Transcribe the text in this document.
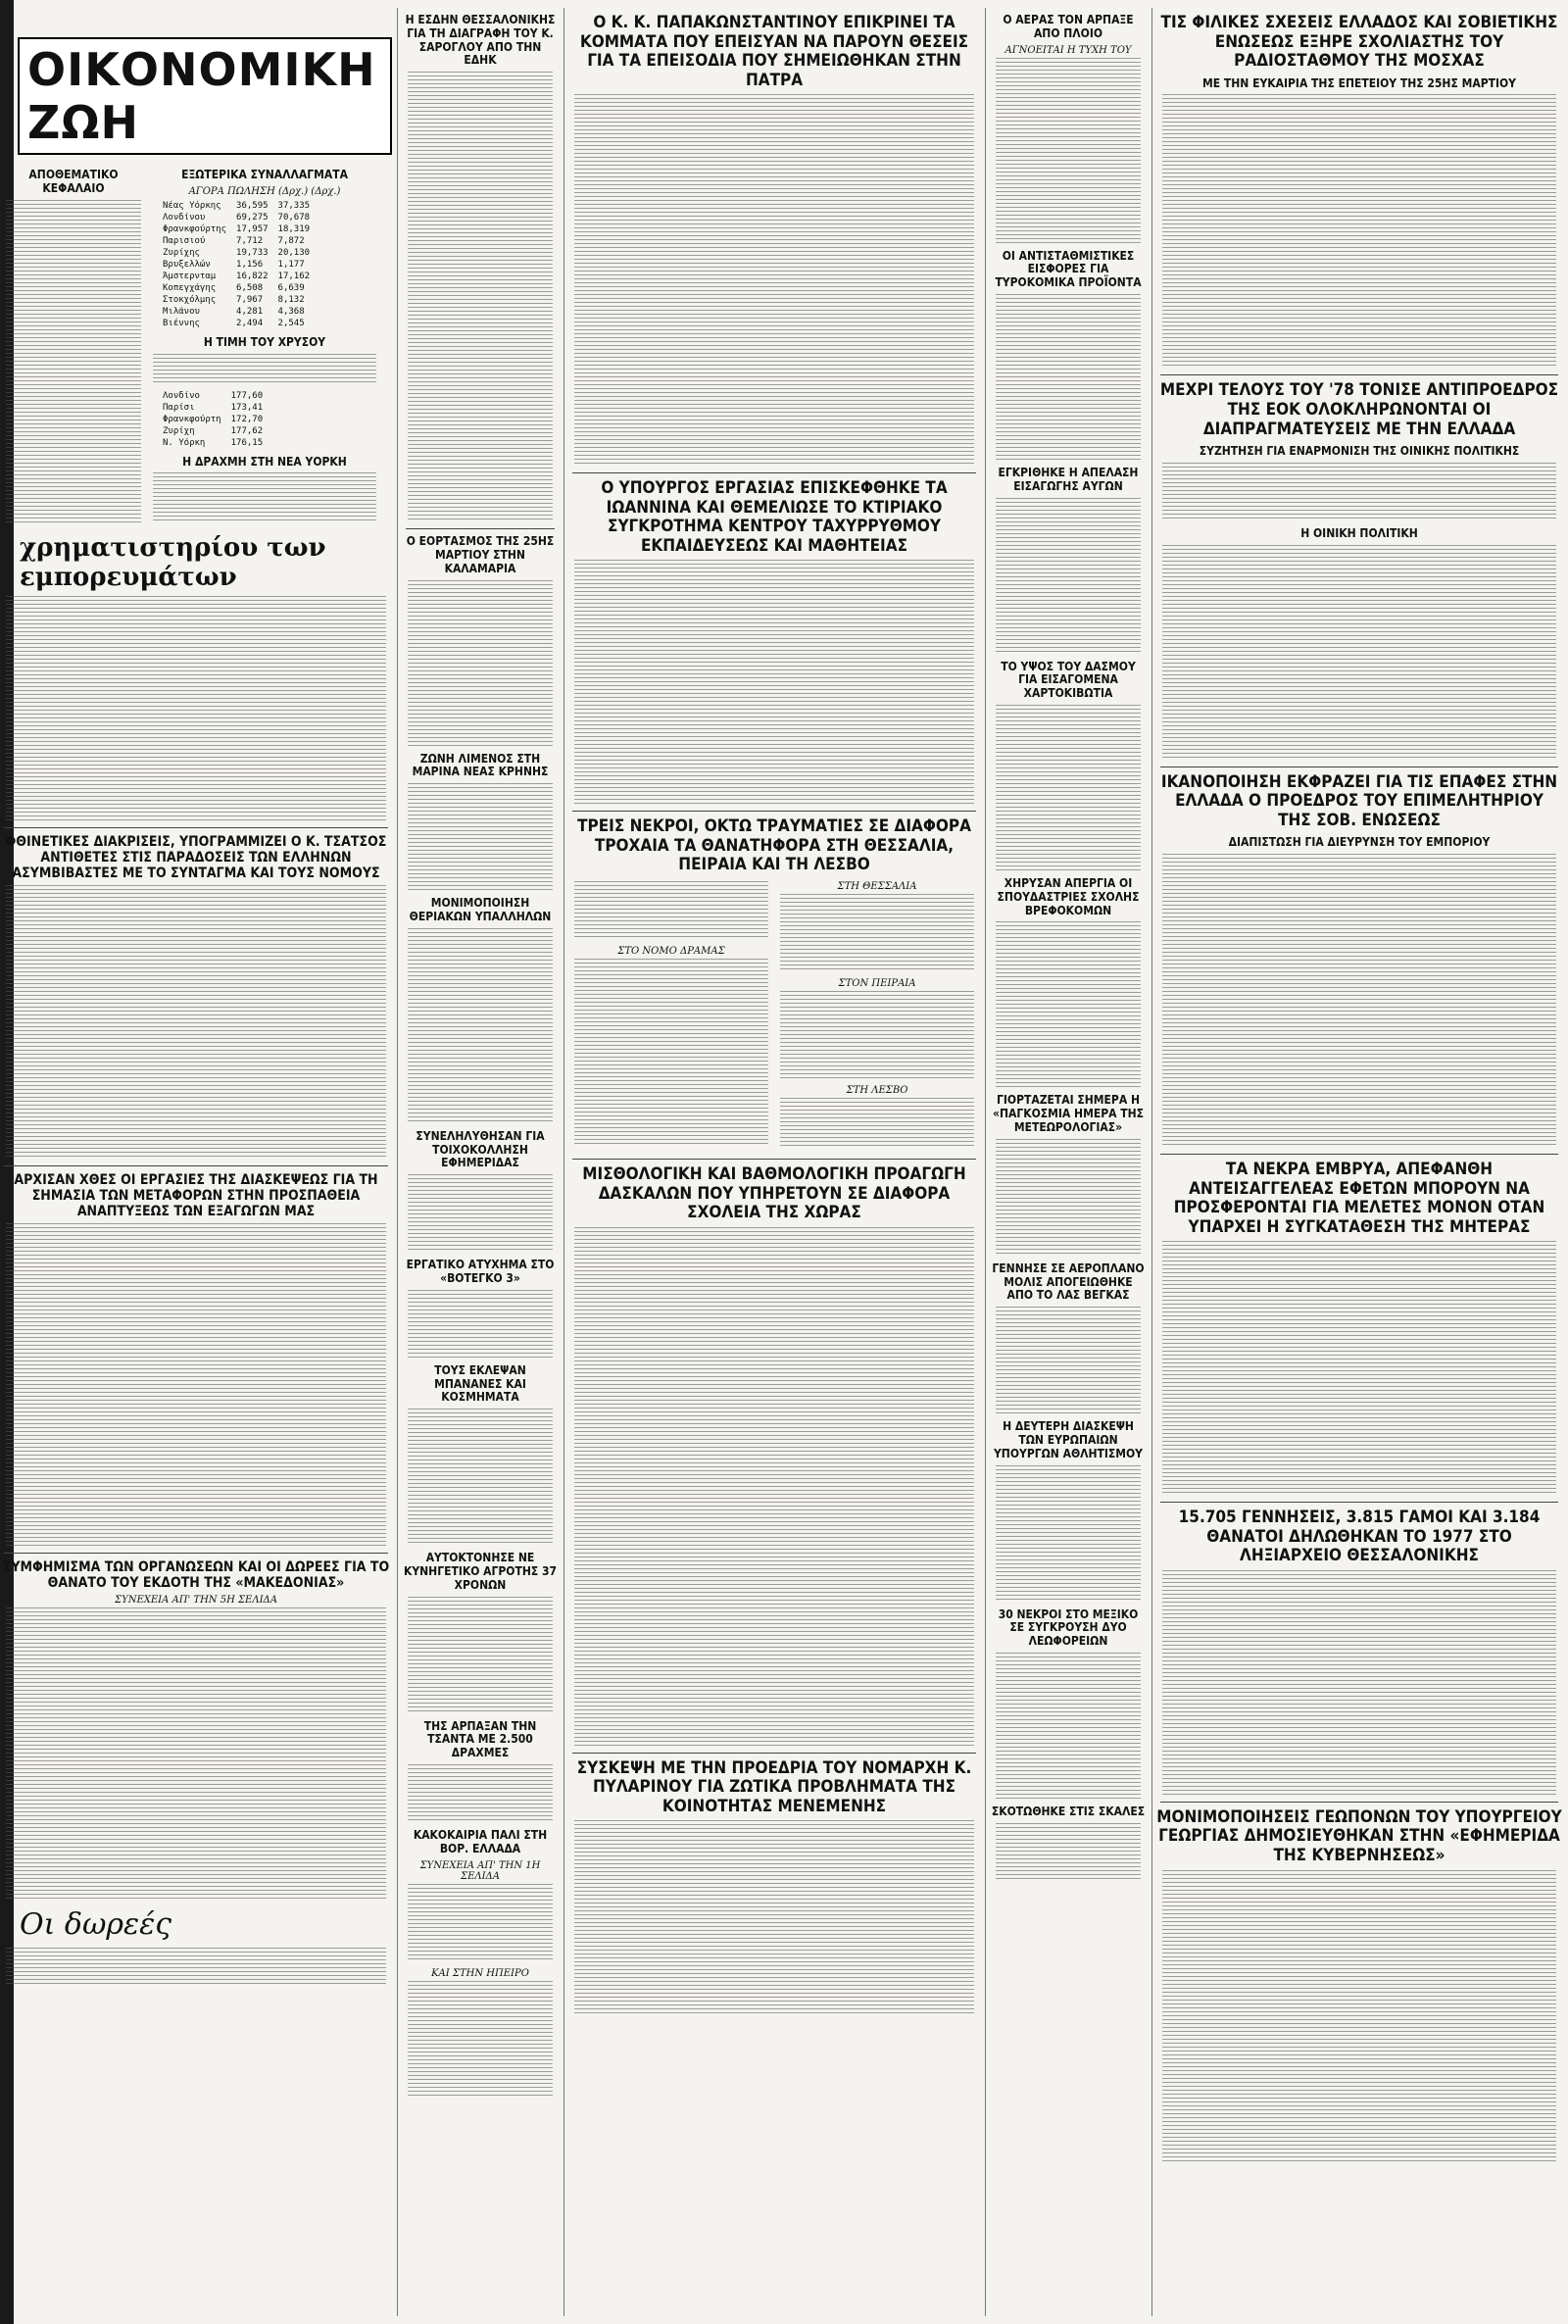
ΟΙΚΟΝΟΜΙΚΗ ΖΩΗ
ΑΠΟΘΕΜΑΤΙΚΟ ΚΕΦΑΛΑΙΟ
ΕΞΩΤΕΡΙΚΑ ΣΥΝΑΛΛΑΓΜΑΤΑ
ΑΓΟΡΑ ΠΩΛΗΣΗ (Δρχ.) (Δρχ.)
Νέας Υόρκης	36,595	37,335
Λονδίνου	69,275	70,678
Φρανκφούρτης	17,957	18,319
Παρισιού	7,712	7,872
Ζυρίχης	19,733	20,130
Βρυξελλών	1,156	1,177
Άμστερνταμ	16,822	17,162
Κοπεγχάγης	6,508	6,639
Στοκχόλμης	7,967	8,132
Μιλάνου	4,281	4,368
Βιέννης	2,494	2,545
Η ΤΙΜΗ ΤΟΥ ΧΡΥΣΟΥ
Λονδίνο	177,60
Παρίσι	173,41
Φρανκφούρτη	172,70
Ζυρίχη	177,62
Ν. Υόρκη	176,15
Η ΔΡΑΧΜΗ ΣΤΗ ΝΕΑ ΥΟΡΚΗ
χρηματιστηρίου των εμπορευμάτων
ΦΘΙΝΕΤΙΚΕΣ ΔΙΑΚΡΙΣΕΙΣ, ΥΠΟΓΡΑΜΜΙΖΕΙ Ο Κ. ΤΣΑΤΣΟΣ ΑΝΤΙΘΕΤΕΣ ΣΤΙΣ ΠΑΡΑΔΟΣΕΙΣ ΤΩΝ ΕΛΛΗΝΩΝ ΑΣΥΜΒΙΒΑΣΤΕΣ ΜΕ ΤΟ ΣΥΝΤΑΓΜΑ ΚΑΙ ΤΟΥΣ ΝΟΜΟΥΣ
ΑΡΧΙΣΑΝ ΧΘΕΣ ΟΙ ΕΡΓΑΣΙΕΣ ΤΗΣ ΔΙΑΣΚΕΨΕΩΣ ΓΙΑ ΤΗ ΣΗΜΑΣΙΑ ΤΩΝ ΜΕΤΑΦΟΡΩΝ ΣΤΗΝ ΠΡΟΣΠΑΘΕΙΑ ΑΝΑΠΤΥΞΕΩΣ ΤΩΝ ΕΞΑΓΩΓΩΝ ΜΑΣ
ΣΥΜΦΗΜΙΣΜΑ ΤΩΝ ΟΡΓΑΝΩΣΕΩΝ ΚΑΙ ΟΙ ΔΩΡΕΕΣ ΓΙΑ ΤΟ ΘΑΝΑΤΟ ΤΟΥ ΕΚΔΟΤΗ ΤΗΣ «ΜΑΚΕΔΟΝΙΑΣ»
ΣΥΝΕΧΕΙΑ ΑΠ' ΤΗΝ 5Η ΣΕΛΙΔΑ
Οι δωρεές
Η ΕΣΔΗΝ ΘΕΣΣΑΛΟΝΙΚΗΣ ΓΙΑ ΤΗ ΔΙΑΓΡΑΦΗ ΤΟΥ Κ. ΣΑΡΟΓΛΟΥ ΑΠΟ ΤΗΝ ΕΔΗΚ
Ο ΕΟΡΤΑΣΜΟΣ ΤΗΣ 25ΗΣ ΜΑΡΤΙΟΥ ΣΤΗΝ ΚΑΛΑΜΑΡΙΑ
ΖΩΝΗ ΛΙΜΕΝΟΣ ΣΤΗ ΜΑΡΙΝΑ ΝΕΑΣ ΚΡΗΝΗΣ
ΜΟΝΙΜΟΠΟΙΗΣΗ ΘΕΡΙΑΚΩΝ ΥΠΑΛΛΗΛΩΝ
ΣΥΝΕΛΗΛΥΘΗΣΑΝ ΓΙΑ ΤΟΙΧΟΚΟΛΛΗΣΗ ΕΦΗΜΕΡΙΔΑΣ
ΕΡΓΑΤΙΚΟ ΑΤΥΧΗΜΑ ΣΤΟ «ΒΟΤΕΓΚΟ 3»
ΤΟΥΣ ΕΚΛΕΨΑΝ ΜΠΑΝΑΝΕΣ ΚΑΙ ΚΟΣΜΗΜΑΤΑ
ΑΥΤΟΚΤΟΝΗΣΕ ΝΕ ΚΥΝΗΓΕΤΙΚΟ ΑΓΡΟΤΗΣ 37 ΧΡΟΝΩΝ
ΤΗΣ ΑΡΠΑΞΑΝ ΤΗΝ ΤΣΑΝΤΑ ΜΕ 2.500 ΔΡΑΧΜΕΣ
ΚΑΚΟΚΑΙΡΙΑ ΠΑΛΙ ΣΤΗ ΒΟΡ. ΕΛΛΑΔΑ
ΣΥΝΕΧΕΙΑ ΑΠ' ΤΗΝ 1Η ΣΕΛΙΔΑ
ΚΑΙ ΣΤΗΝ ΗΠΕΙΡΟ
Ο Κ. Κ. ΠΑΠΑΚΩΝΣΤΑΝΤΙΝΟΥ ΕΠΙΚΡΙΝΕΙ ΤΑ ΚΟΜΜΑΤΑ ΠΟΥ ΕΠΕΙΣΥΑΝ ΝΑ ΠΑΡΟΥΝ ΘΕΣΕΙΣ ΓΙΑ ΤΑ ΕΠΕΙΣΟΔΙΑ ΠΟΥ ΣΗΜΕΙΩΘΗΚΑΝ ΣΤΗΝ ΠΑΤΡΑ
Ο ΥΠΟΥΡΓΟΣ ΕΡΓΑΣΙΑΣ ΕΠΙΣΚΕΦΘΗΚΕ ΤΑ ΙΩΑΝΝΙΝΑ ΚΑΙ ΘΕΜΕΛΙΩΣΕ ΤΟ ΚΤΙΡΙΑΚΟ ΣΥΓΚΡΟΤΗΜΑ ΚΕΝΤΡΟΥ ΤΑΧΥΡΡΥΘΜΟΥ ΕΚΠΑΙΔΕΥΣΕΩΣ ΚΑΙ ΜΑΘΗΤΕΙΑΣ
ΤΡΕΙΣ ΝΕΚΡΟΙ, ΟΚΤΩ ΤΡΑΥΜΑΤΙΕΣ ΣΕ ΔΙΑΦΟΡΑ ΤΡΟΧΑΙΑ ΤΑ ΘΑΝΑΤΗΦΟΡΑ ΣΤΗ ΘΕΣΣΑΛΙΑ, ΠΕΙΡΑΙΑ ΚΑΙ ΤΗ ΛΕΣΒΟ
ΣΤΟ ΝΟΜΟ ΔΡΑΜΑΣ
ΣΤΗ ΘΕΣΣΑΛΙΑ
ΣΤΟΝ ΠΕΙΡΑΙΑ
ΣΤΗ ΛΕΣΒΟ
ΜΙΣΘΟΛΟΓΙΚΗ ΚΑΙ ΒΑΘΜΟΛΟΓΙΚΗ ΠΡΟΑΓΩΓΗ ΔΑΣΚΑΛΩΝ ΠΟΥ ΥΠΗΡΕΤΟΥΝ ΣΕ ΔΙΑΦΟΡΑ ΣΧΟΛΕΙΑ ΤΗΣ ΧΩΡΑΣ
ΣΥΣΚΕΨΗ ΜΕ ΤΗΝ ΠΡΟΕΔΡΙΑ ΤΟΥ ΝΟΜΑΡΧΗ Κ. ΠΥΛΑΡΙΝΟΥ ΓΙΑ ΖΩΤΙΚΑ ΠΡΟΒΛΗΜΑΤΑ ΤΗΣ ΚΟΙΝΟΤΗΤΑΣ ΜΕΝΕΜΕΝΗΣ
Ο ΑΕΡΑΣ ΤΟΝ ΑΡΠΑΞΕ ΑΠΟ ΠΛΟΙΟ
ΑΓΝΟΕΙΤΑΙ Η ΤΥΧΗ ΤΟΥ
ΟΙ ΑΝΤΙΣΤΑΘΜΙΣΤΙΚΕΣ ΕΙΣΦΟΡΕΣ ΓΙΑ ΤΥΡΟΚΟΜΙΚΑ ΠΡΟΪΟΝΤΑ
ΕΓΚΡΙΘΗΚΕ Η ΑΠΕΛΑΣΗ ΕΙΣΑΓΩΓΗΣ ΑΥΓΩΝ
ΤΟ ΥΨΟΣ ΤΟΥ ΔΑΣΜΟΥ ΓΙΑ ΕΙΣΑΓΟΜΕΝΑ ΧΑΡΤΟΚΙΒΩΤΙΑ
ΧΗΡΥΣΑΝ ΑΠΕΡΓΙΑ ΟΙ ΣΠΟΥΔΑΣΤΡΙΕΣ ΣΧΟΛΗΣ ΒΡΕΦΟΚΟΜΩΝ
ΓΙΟΡΤΑΖΕΤΑΙ ΣΗΜΕΡΑ Η «ΠΑΓΚΟΣΜΙΑ ΗΜΕΡΑ ΤΗΣ ΜΕΤΕΩΡΟΛΟΓΙΑΣ»
ΓΕΝΝΗΣΕ ΣΕ ΑΕΡΟΠΛΑΝΟ ΜΟΛΙΣ ΑΠΟΓΕΙΩΘΗΚΕ ΑΠΟ ΤΟ ΛΑΣ ΒΕΓΚΑΣ
Η ΔΕΥΤΕΡΗ ΔΙΑΣΚΕΨΗ ΤΩΝ ΕΥΡΩΠΑΙΩΝ ΥΠΟΥΡΓΩΝ ΑΘΛΗΤΙΣΜΟΥ
30 ΝΕΚΡΟΙ ΣΤΟ ΜΕΞΙΚΟ ΣΕ ΣΥΓΚΡΟΥΣΗ ΔΥΟ ΛΕΩΦΟΡΕΙΩΝ
ΣΚΟΤΩΘΗΚΕ ΣΤΙΣ ΣΚΑΛΕΣ
ΤΙΣ ΦΙΛΙΚΕΣ ΣΧΕΣΕΙΣ ΕΛΛΑΔΟΣ ΚΑΙ ΣΟΒΙΕΤΙΚΗΣ ΕΝΩΣΕΩΣ ΕΞΗΡΕ ΣΧΟΛΙΑΣΤΗΣ ΤΟΥ ΡΑΔΙΟΣΤΑΘΜΟΥ ΤΗΣ ΜΟΣΧΑΣ
ΜΕ ΤΗΝ ΕΥΚΑΙΡΙΑ ΤΗΣ ΕΠΕΤΕΙΟΥ ΤΗΣ 25ΗΣ ΜΑΡΤΙΟΥ
ΜΕΧΡΙ ΤΕΛΟΥΣ ΤΟΥ '78 ΤΟΝΙΣΕ ΑΝΤΙΠΡΟΕΔΡΟΣ ΤΗΣ ΕΟΚ ΟΛΟΚΛΗΡΩΝΟΝΤΑΙ ΟΙ ΔΙΑΠΡΑΓΜΑΤΕΥΣΕΙΣ ΜΕ ΤΗΝ ΕΛΛΑΔΑ
ΣΥΖΗΤΗΣΗ ΓΙΑ ΕΝΑΡΜΟΝΙΣΗ ΤΗΣ ΟΙΝΙΚΗΣ ΠΟΛΙΤΙΚΗΣ
Η ΟΙΝΙΚΗ ΠΟΛΙΤΙΚΗ
ΙΚΑΝΟΠΟΙΗΣΗ ΕΚΦΡΑΖΕΙ ΓΙΑ ΤΙΣ ΕΠΑΦΕΣ ΣΤΗΝ ΕΛΛΑΔΑ Ο ΠΡΟΕΔΡΟΣ ΤΟΥ ΕΠΙΜΕΛΗΤΗΡΙΟΥ ΤΗΣ ΣΟΒ. ΕΝΩΣΕΩΣ
ΔΙΑΠΙΣΤΩΣΗ ΓΙΑ ΔΙΕΥΡΥΝΣΗ ΤΟΥ ΕΜΠΟΡΙΟΥ
ΤΑ ΝΕΚΡΑ ΕΜΒΡΥΑ, ΑΠΕΦΑΝΘΗ ΑΝΤΕΙΣΑΓΓΕΛΕΑΣ ΕΦΕΤΩΝ ΜΠΟΡΟΥΝ ΝΑ ΠΡΟΣΦΕΡΟΝΤΑΙ ΓΙΑ ΜΕΛΕΤΕΣ ΜΟΝΟΝ ΟΤΑΝ ΥΠΑΡΧΕΙ Η ΣΥΓΚΑΤΑΘΕΣΗ ΤΗΣ ΜΗΤΕΡΑΣ
15.705 ΓΕΝΝΗΣΕΙΣ, 3.815 ΓΑΜΟΙ ΚΑΙ 3.184 ΘΑΝΑΤΟΙ ΔΗΛΩΘΗΚΑΝ ΤΟ 1977 ΣΤΟ ΛΗΞΙΑΡΧΕΙΟ ΘΕΣΣΑΛΟΝΙΚΗΣ
ΜΟΝΙΜΟΠΟΙΗΣΕΙΣ ΓΕΩΠΟΝΩΝ ΤΟΥ ΥΠΟΥΡΓΕΙΟΥ ΓΕΩΡΓΙΑΣ ΔΗΜΟΣΙΕΥΘΗΚΑΝ ΣΤΗΝ «ΕΦΗΜΕΡΙΔΑ ΤΗΣ ΚΥΒΕΡΝΗΣΕΩΣ»
